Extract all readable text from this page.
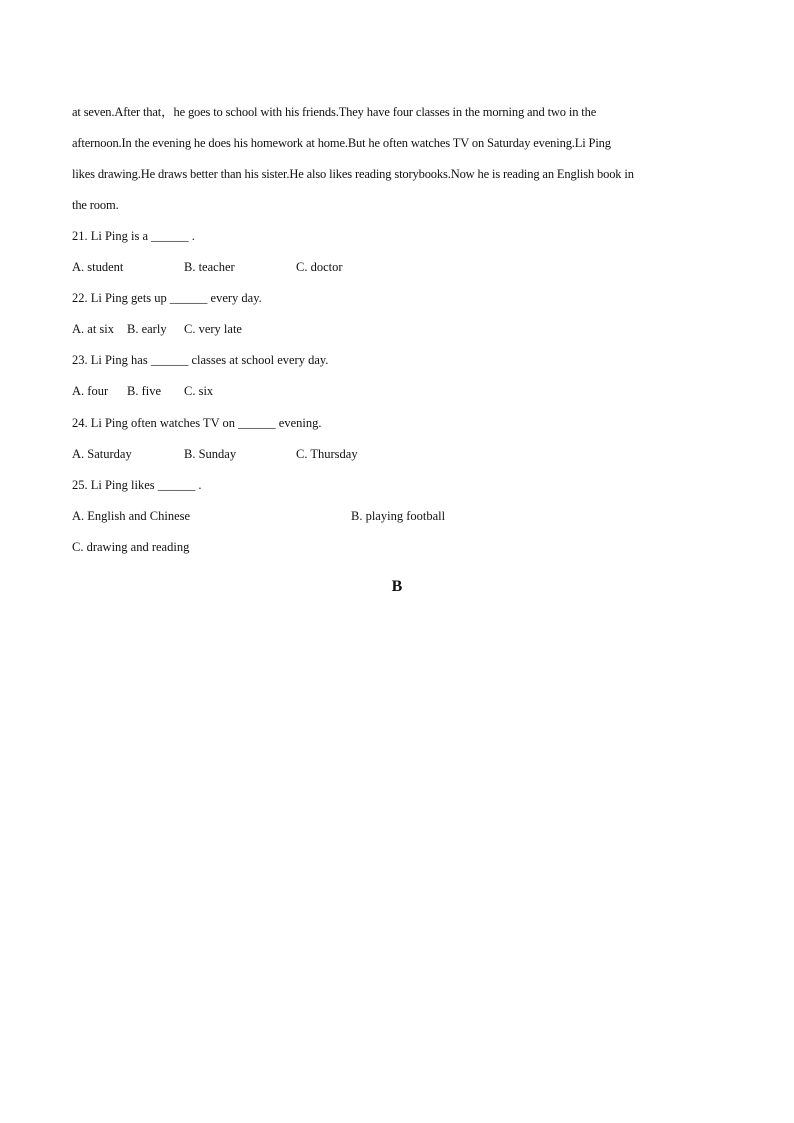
at seven.After that，he goes to school with his friends.They have four classes in the morning and two in the
afternoon.In the evening he does his homework at home.But he often watches TV on Saturday evening.Li Ping
likes drawing.He draws better than his sister.He also likes reading storybooks.Now he is reading an English book in
the room.
21. Li Ping is a ______ .
A. student	B. teacher	C. doctor
22. Li Ping gets up ______ every day.
A. at six B. early C. very late
23. Li Ping has ______ classes at school every day.
A. four B. five C. six
24. Li Ping often watches TV on ______ evening.
A. Saturday	B. Sunday	C. Thursday
25. Li Ping likes ______ .
A. English and Chinese	B. playing football
C. drawing and reading
B
